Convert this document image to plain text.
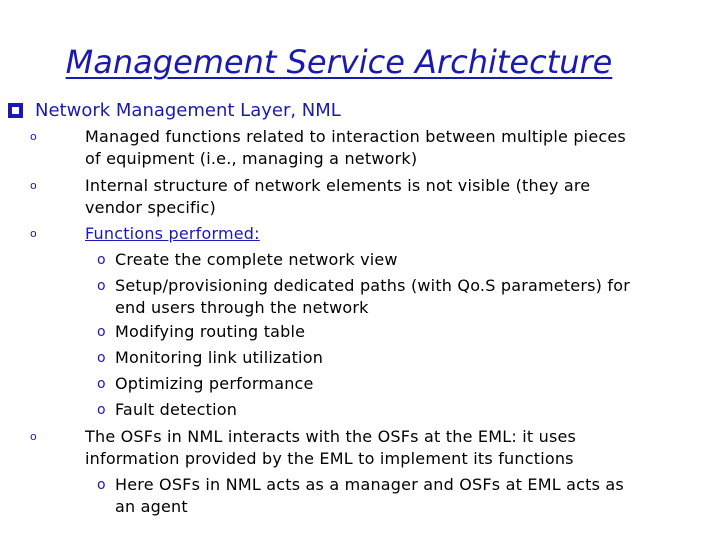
Management Service Architecture
Network Management Layer, NML
o	Managed functions related to interaction between multiple pieces
of equipment (i.e., managing a network)
o	Internal structure of network elements is not visible (they are
vendor specific)
o	Functions performed:
o Create the complete network view
o Setup/provisioning dedicated paths (with Qo.S parameters) for
end users through the network
o Modifying routing table
o Monitoring link utilization
o Optimizing performance
o Fault detection
o	The OSFs in NML interacts with the OSFs at the EML: it uses
information provided by the EML to implement its functions
o Here OSFs in NML acts as a manager and OSFs at EML acts as
an agent
